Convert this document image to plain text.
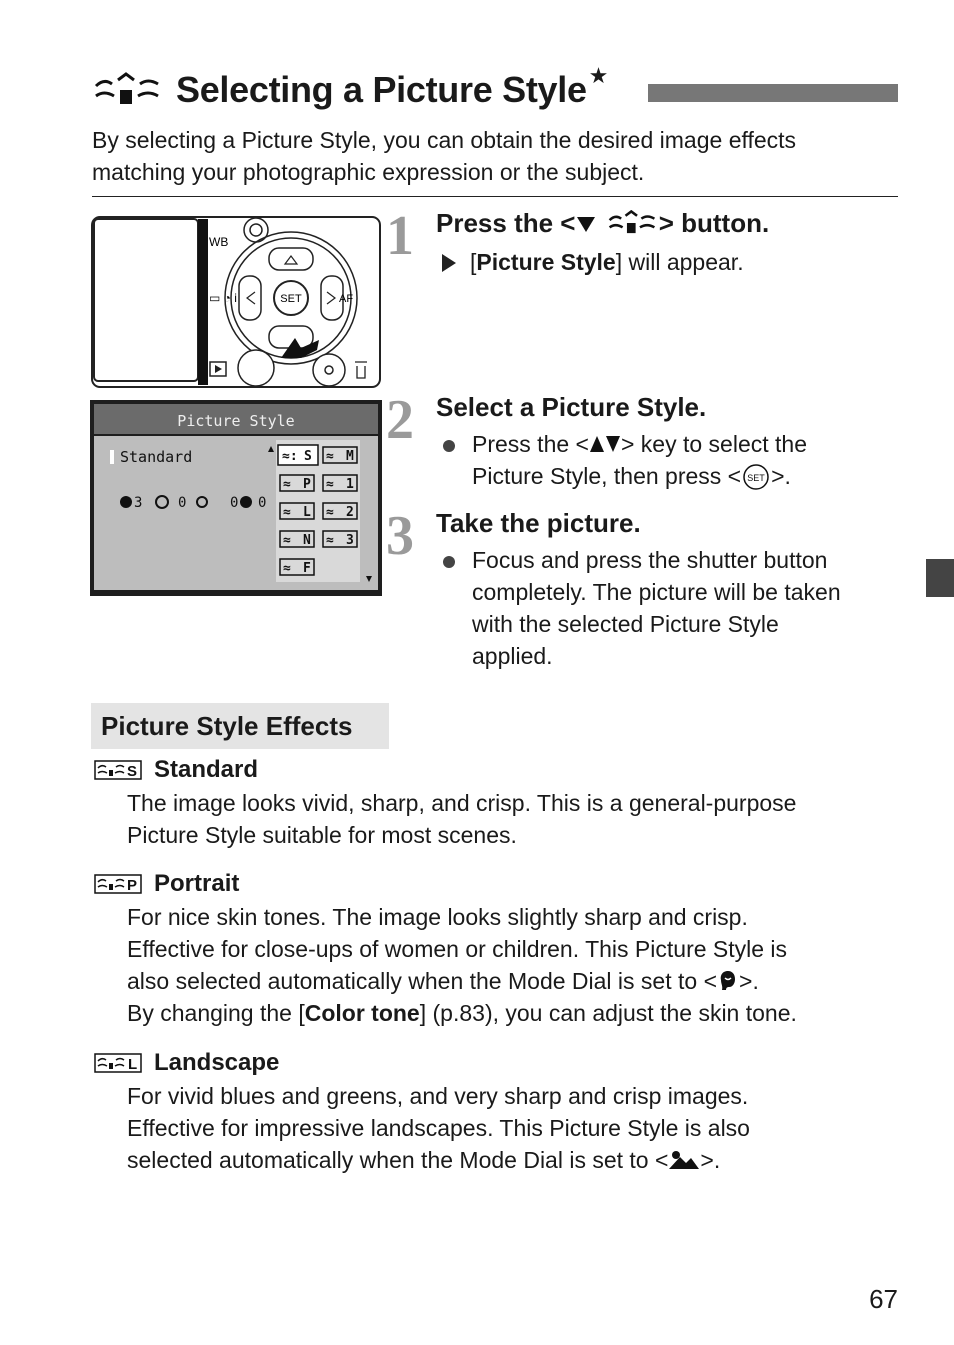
Selecting a Picture Style ★
By selecting a Picture Style, you can obtain the desired image effects matching your photographic expression or the subject.
WB
▭ ◔ i	SET	AF
Picture Style
Standard
3	0	0 0
≈: S ≈ M
≈ P ≈ 1
≈ L ≈ 2
≈ N ≈ 3
≈ F
1 Press the <	> button.
[Picture Style] will appear.
2 Select a Picture Style.
Press the < > key to select the
Picture Style, then press < SET >.
3 Take the picture.
Focus and press the shutter button
completely. The picture will be taken
with the selected Picture Style
applied.
Picture Style Effects
S Standard
The image looks vivid, sharp, and crisp. This is a general-purpose
Picture Style suitable for most scenes.
P Portrait
For nice skin tones. The image looks slightly sharp and crisp.
Effective for close-ups of women or children. This Picture Style is
also selected automatically when the Mode Dial is set to < >.
By changing the [Color tone] (p.83), you can adjust the skin tone.
L Landscape
For vivid blues and greens, and very sharp and crisp images.
Effective for impressive landscapes. This Picture Style is also
selected automatically when the Mode Dial is set to < >.
67
